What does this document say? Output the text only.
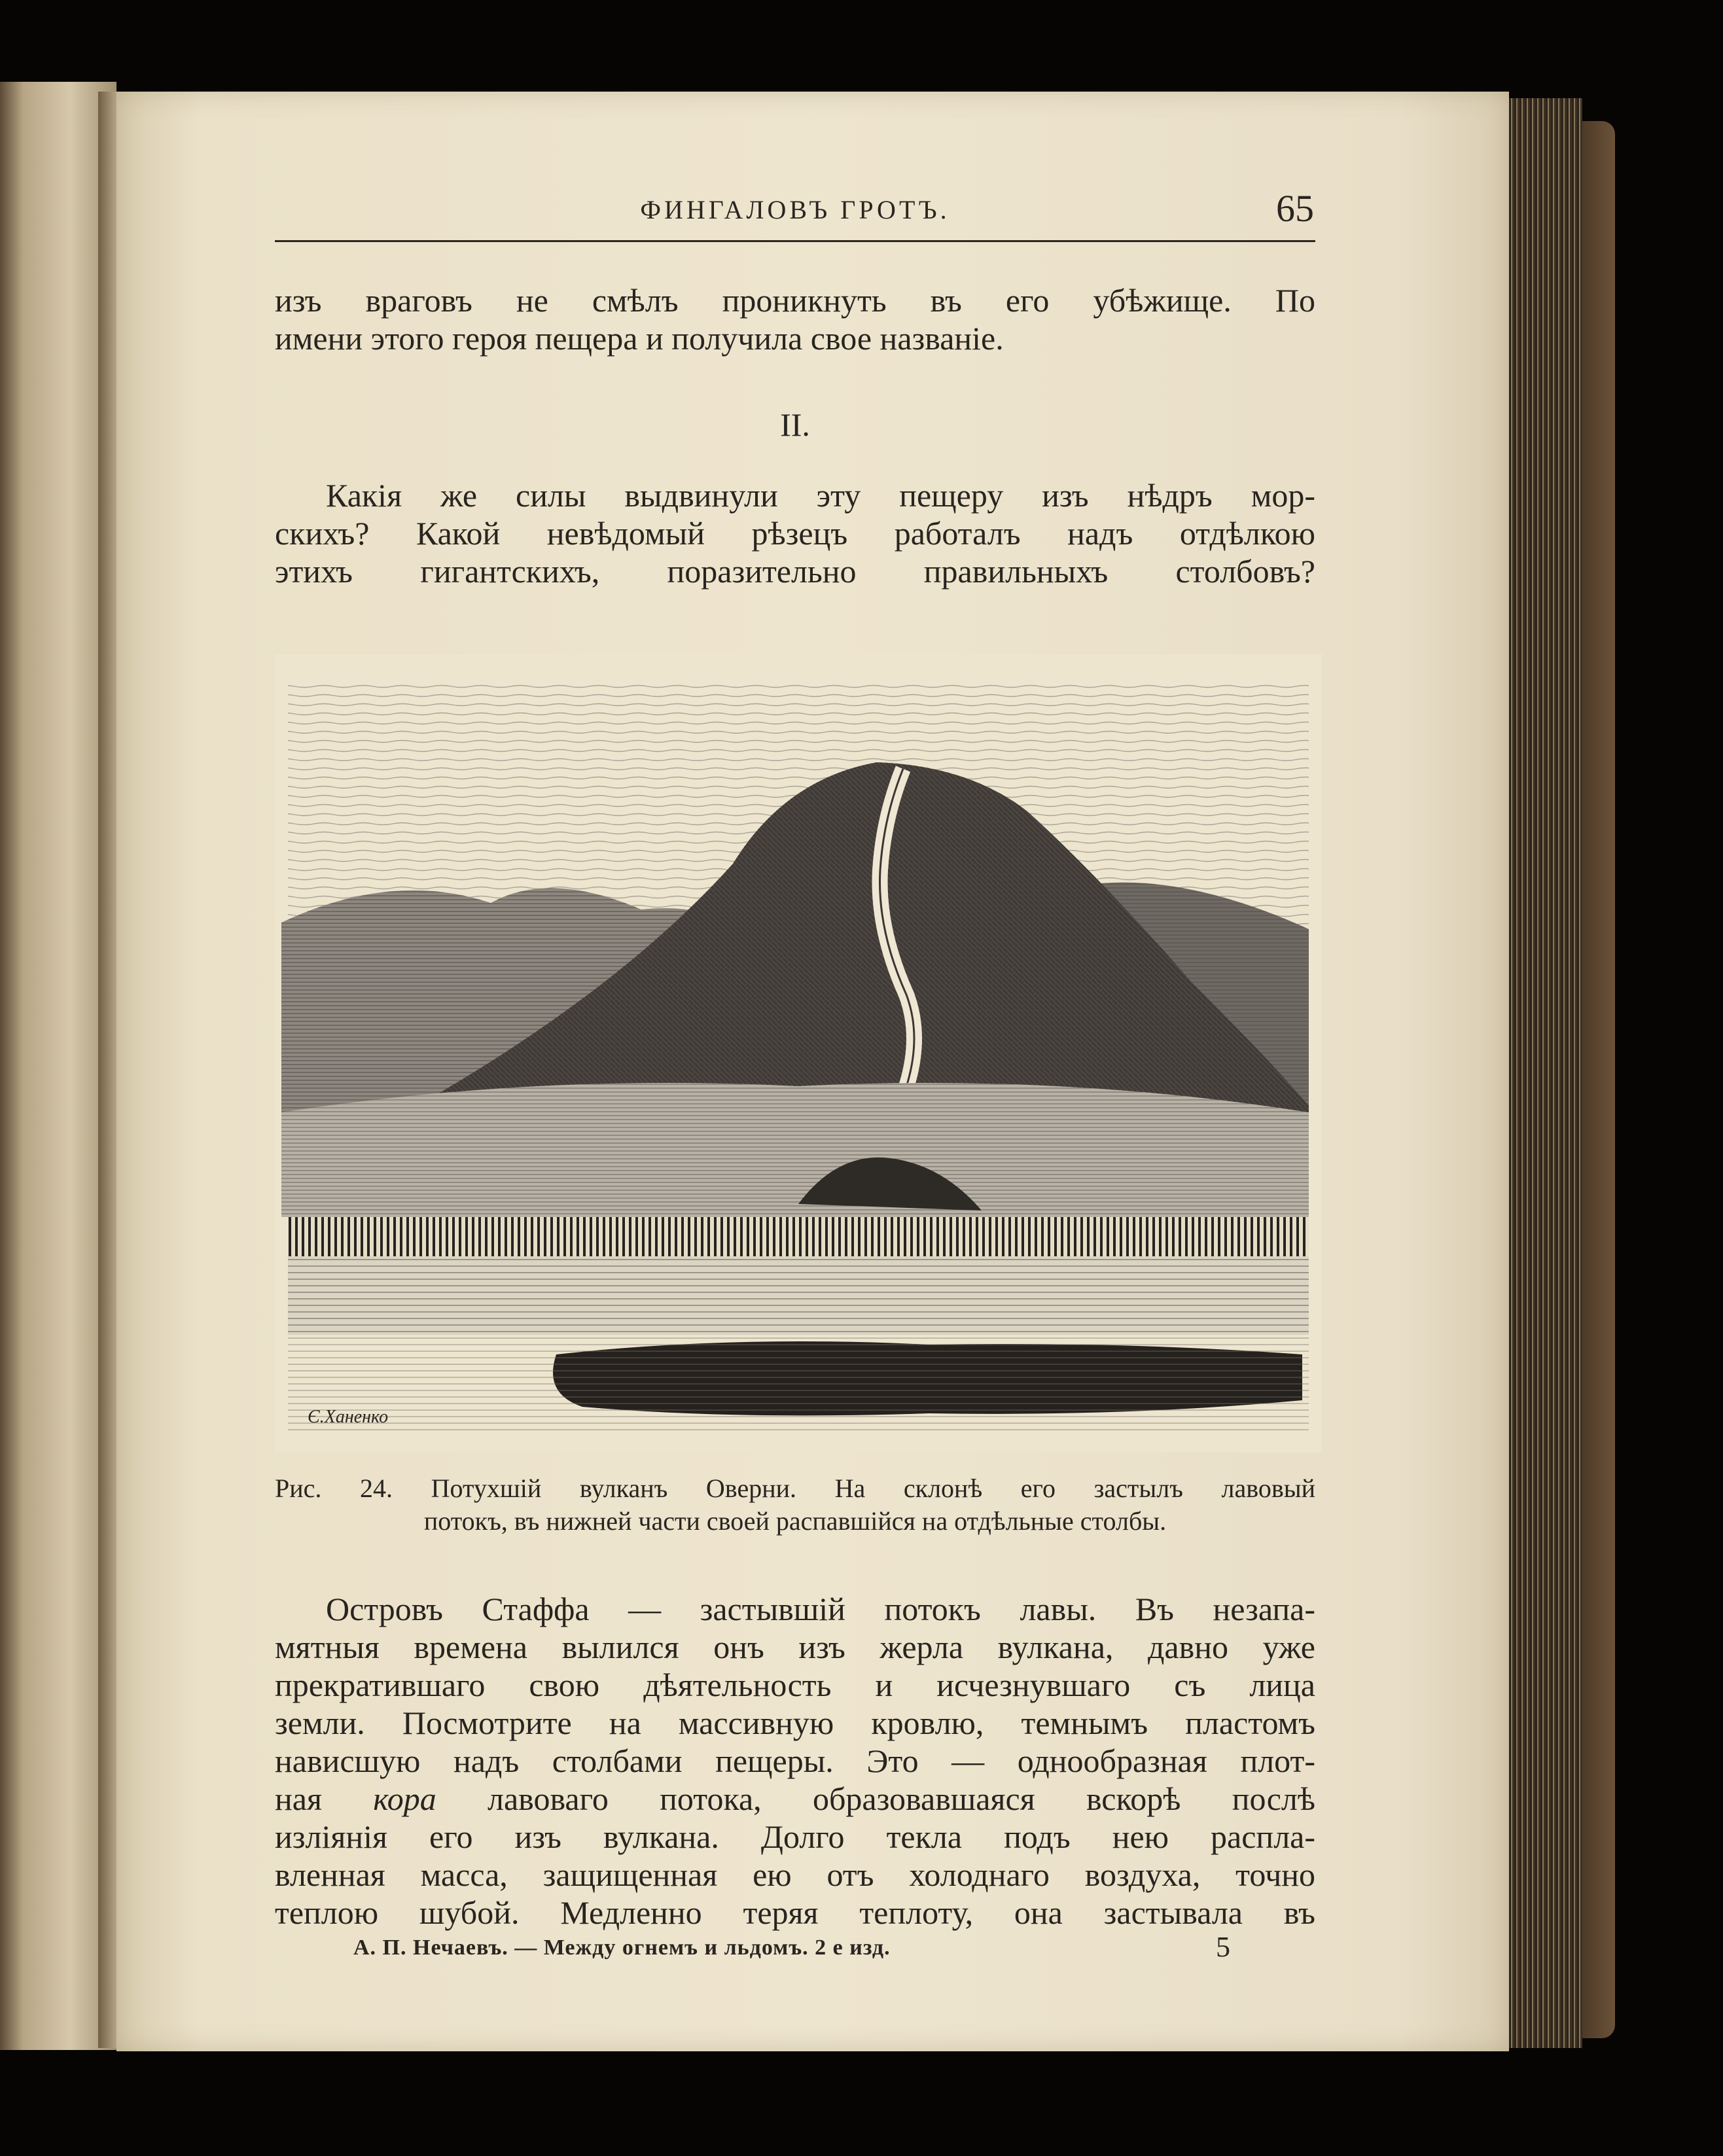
ФИНГАЛОВЪ ГРОТЪ.	65

изъ враговъ не смѣлъ проникнуть въ его убѣжище. По

имени этого героя пещера и получила свое названіе.

II.

Какія же силы выдвинули эту пещеру изъ нѣдръ мор-

скихъ? Какой невѣдомый рѣзецъ работалъ надъ отдѣлкою

этихъ гигантскихъ, поразительно правильныхъ столбовъ?

Є.Ханенко

Рис. 24. Потухшій вулканъ Оверни. На склонѣ его застылъ лавовый

потокъ, въ нижней части своей распавшійся на отдѣльные столбы.

Островъ Стаффа — застывшій потокъ лавы. Въ незапа-

мятныя времена вылился онъ изъ жерла вулкана, давно уже

прекратившаго свою дѣятельность и исчезнувшаго съ лица

земли. Посмотрите на массивную кровлю, темнымъ пластомъ

нависшую надъ столбами пещеры. Это — однообразная плот-

ная кора лавоваго потока, образовавшаяся вскорѣ послѣ

изліянія его изъ вулкана. Долго текла подъ нею распла-

вленная масса, защищенная ею отъ холоднаго воздуха, точно

теплою шубой. Медленно теряя теплоту, она застывала въ

А. П. Нечаевъ. — Между огнемъ и льдомъ. 2 е изд.	5
